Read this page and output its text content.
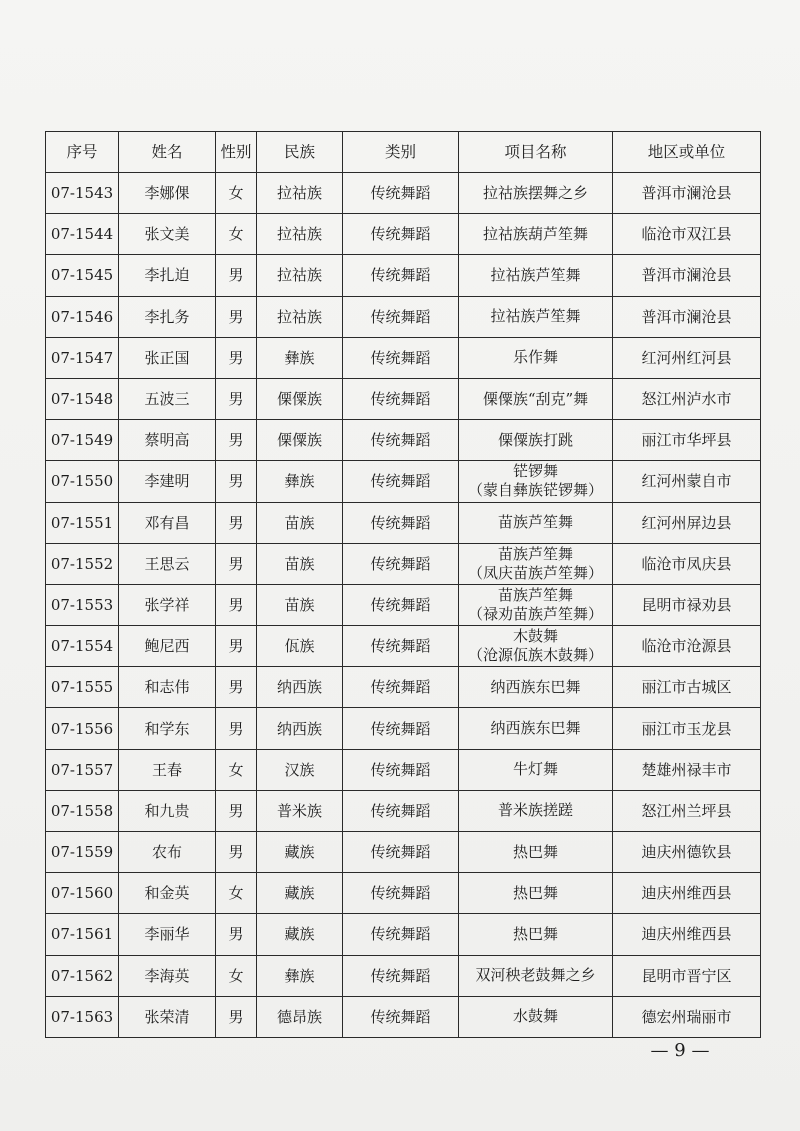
序号	姓名	性别	民族	类别	项目名称	地区或单位
07-1543	李娜倮	女	拉祜族	传统舞蹈	拉祜族摆舞之乡	普洱市澜沧县
07-1544	张文美	女	拉祜族	传统舞蹈	拉祜族葫芦笙舞	临沧市双江县
07-1545	李扎迫	男	拉祜族	传统舞蹈	拉祜族芦笙舞	普洱市澜沧县
07-1546	李扎务	男	拉祜族	传统舞蹈	拉祜族芦笙舞	普洱市澜沧县
07-1547	张正国	男	彝族	传统舞蹈	乐作舞	红河州红河县
07-1548	五波三	男	傈僳族	传统舞蹈	傈僳族“刮克”舞	怒江州泸水市
07-1549	蔡明高	男	傈僳族	传统舞蹈	傈僳族打跳	丽江市华坪县
07-1550	李建明	男	彝族	传统舞蹈	铓锣舞
（蒙自彝族铓锣舞）	红河州蒙自市
07-1551	邓有昌	男	苗族	传统舞蹈	苗族芦笙舞	红河州屏边县
07-1552	王思云	男	苗族	传统舞蹈	苗族芦笙舞
（凤庆苗族芦笙舞）	临沧市凤庆县
07-1553	张学祥	男	苗族	传统舞蹈	苗族芦笙舞
（禄劝苗族芦笙舞）	昆明市禄劝县
07-1554	鲍尼西	男	佤族	传统舞蹈	木鼓舞
（沧源佤族木鼓舞）	临沧市沧源县
07-1555	和志伟	男	纳西族	传统舞蹈	纳西族东巴舞	丽江市古城区
07-1556	和学东	男	纳西族	传统舞蹈	纳西族东巴舞	丽江市玉龙县
07-1557	王春	女	汉族	传统舞蹈	牛灯舞	楚雄州禄丰市
07-1558	和九贵	男	普米族	传统舞蹈	普米族搓蹉	怒江州兰坪县
07-1559	农布	男	藏族	传统舞蹈	热巴舞	迪庆州德钦县
07-1560	和金英	女	藏族	传统舞蹈	热巴舞	迪庆州维西县
07-1561	李丽华	男	藏族	传统舞蹈	热巴舞	迪庆州维西县
07-1562	李海英	女	彝族	传统舞蹈	双河秧老鼓舞之乡	昆明市晋宁区
07-1563	张荣清	男	德昂族	传统舞蹈	水鼓舞	德宏州瑞丽市
— 9 —
